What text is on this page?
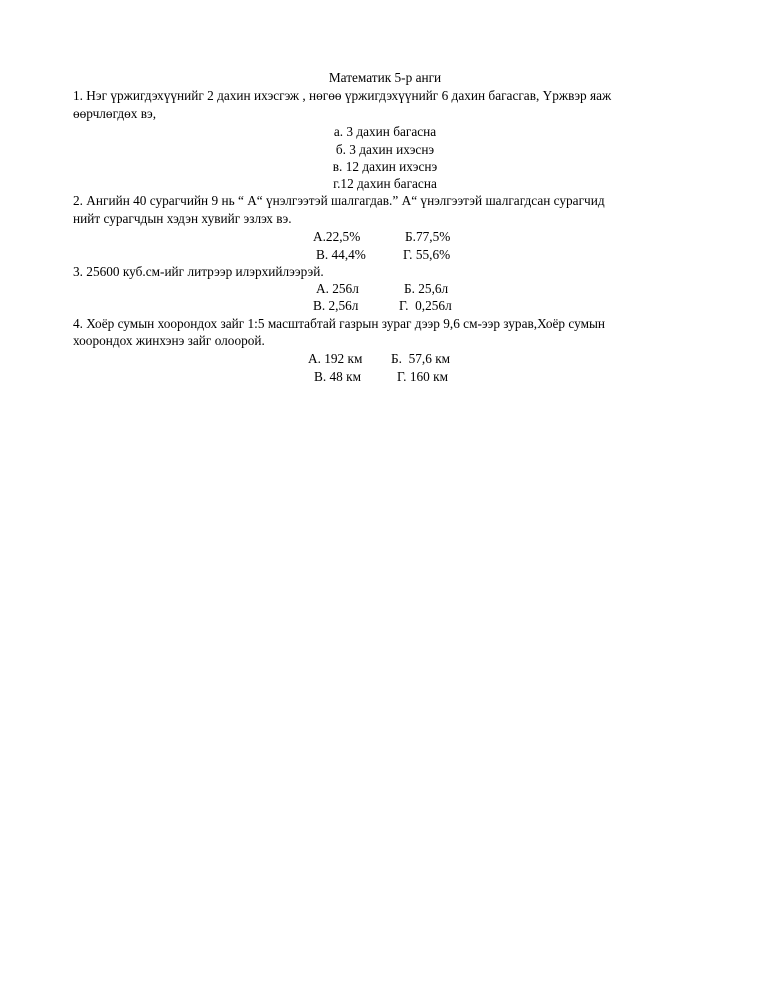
Математик 5-р анги
1. Нэг үржигдэхүүнийг 2 дахин ихэсгэж , нөгөө үржигдэхүүнийг 6 дахин багасгав, Үржвэр яаж
өөрчлөгдөх вэ,
а. 3 дахин багасна
б. 3 дахин ихэснэ
в. 12 дахин ихэснэ
г.12 дахин багасна
2. Ангийн 40 сурагчийн 9 нь “ А“ үнэлгээтэй шалгагдав.” А“ үнэлгээтэй шалгагдсан сурагчид
нийт сурагчдын хэдэн хувийг эзлэх вэ.
А.22,5%	Б.77,5%
В. 44,4%	Г. 55,6%
3. 25600 куб.см-ийг литрээр илэрхийлээрэй.
А. 256л	Б. 25,6л
В. 2,56л	Г.  0,256л
4. Хоёр сумын хоорондох зайг 1:5 масштабтай газрын зураг дээр 9,6 см-ээр зурав,Хоёр сумын
хоорондох жинхэнэ зайг олоорой.
А. 192 км Б.  57,6 км
В. 48 км	Г. 160 км
